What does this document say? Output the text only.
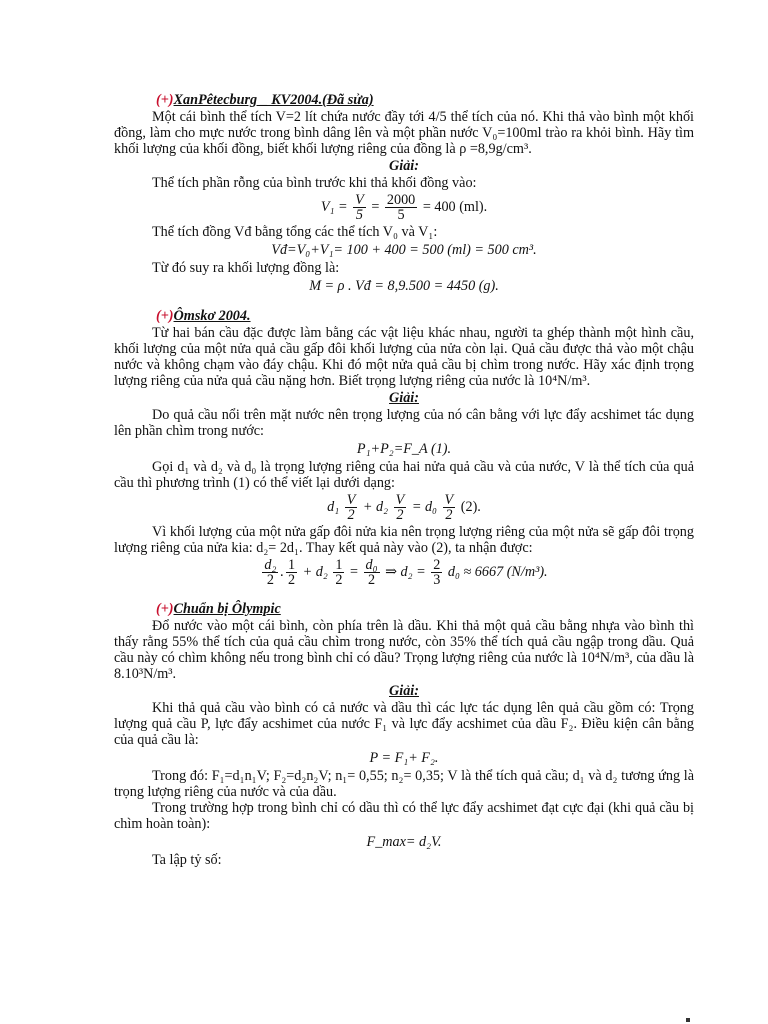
(+)XanPêtecburg _ KV2004.(Đã sửa)

Một cái bình thể tích V=2 lít chứa nước đầy tới 4/5 thể tích của nó. Khi thả vào bình một khối đồng, làm cho mực nước trong bình dâng lên và một phần nước V₀=100ml trào ra khỏi bình. Hãy tìm khối lượng của khối đồng, biết khối lượng riêng của đồng là ρ =8,9g/cm³.

Giải:

Thể tích phần rỗng của bình trước khi thả khối đồng vào:

$V_1 = \frac{V}{5} = \frac{2000}{5} = 400$ (ml).

Thể tích đồng Vđ bằng tổng các thể tích V₀ và V₁:

Vđ=V₀+V₁= 100 + 400 = 500 (ml) = 500 cm³.

Từ đó suy ra khối lượng đồng là:

M = ρ . Vđ = 8,9.500 = 4450 (g).

(+)Ômskơ 2004.

Từ hai bán cầu đặc được làm bằng các vật liệu khác nhau, người ta ghép thành một hình cầu, khối lượng của một nửa quả cầu gấp đôi khối lượng của nửa còn lại. Quả cầu được thả vào một chậu nước và không chạm vào đáy chậu. Khi đó một nửa quả cầu bị chìm trong nước. Hãy xác định trọng lượng riêng của nửa quả cầu nặng hơn. Biết trọng lượng riêng của nước là 10⁴N/m³.

Giải:

Do quả cầu nổi trên mặt nước nên trọng lượng của nó cân bằng với lực đẩy acshimet tác dụng lên phần chìm trong nước:

P₁+P₂=F_A (1).

Gọi d₁ và d₂ và d₀ là trọng lượng riêng của hai nửa quả cầu và của nước, V là thể tích của quả cầu thì phương trình (1) có thể viết lại dưới dạng:

$d_1 \frac{V}{2} + d_2 \frac{V}{2} = d_0 \frac{V}{2} (2)$.

Vì khối lượng của một nửa gấp đôi nửa kia nên trọng lượng riêng của một nửa sẽ gấp đôi trọng lượng riêng của nửa kia: d₂= 2d₁. Thay kết quả này vào (2), ta nhận được:

$\frac{\text{d₂}}{2}$ . $\frac{1}{2} + d_2 \frac{1}{2} = \frac{\text{d₀}}{2}$ ⇒ $d_2 = \frac{2}{3} d_0 \approx 6667$ (N/m³).

(+)Chuẩn bị Ôlympic

Đổ nước vào một cái bình, còn phía trên là dầu. Khi thả một quả cầu bằng nhựa vào bình thì thấy rằng 55% thể tích của quả cầu chìm trong nước, còn 35% thể tích quả cầu ngập trong dầu. Quả cầu này có chìm không nếu trong bình chỉ có dầu? Trọng lượng riêng của nước là 10⁴N/m³, của dầu là 8.10³N/m³.

Giải:

Khi thả quả cầu vào bình có cả nước và dầu thì các lực tác dụng lên quả cầu gồm có: Trọng lượng quả cầu P, lực đẩy acshimet của nước F₁ và lực đẩy acshimet của dầu F₂. Điều kiện cân bằng của quả cầu là:

P = F₁+ F₂.

Trong đó: F₁=d₁n₁V; F₂=d₂n₂V; n₁= 0,55; n₂= 0,35; V là thể tích quả cầu; d₁ và d₂ tương ứng là trọng lượng riêng của nước và của dầu.

Trong trường hợp trong bình chỉ có dầu thì có thể lực đẩy acshimet đạt cực đại (khi quả cầu bị chìm hoàn toàn):

F_max= d₂V.

Ta lập tỷ số:
